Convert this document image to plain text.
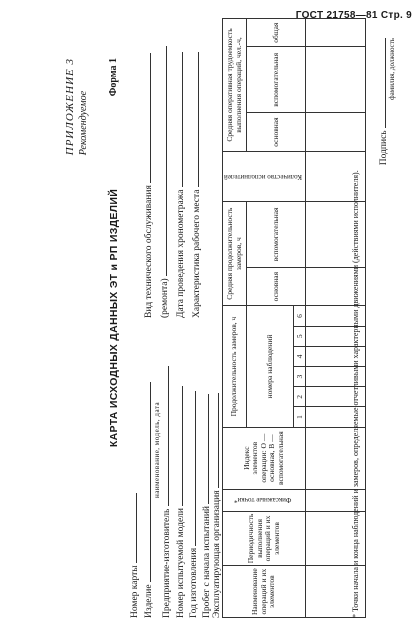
ГОСТ 21758—81 Стр. 9
ПРИЛОЖЕНИЕ 3 Рекомендуемое
Форма 1
КАРТА ИСХОДНЫХ ДАННЫХ ЭТ и РП ИЗДЕЛИЙ
Номер карты Изделие
наименование, модель, дата
Предприятие-изготовитель Номер испытуемой модели Год изготовления Пробег с начала испытаний Эксплуатирующая организация
Вид технического обслуживания (ремонта) Дата проведения хронометража Характеристика рабочего места
Наименование операций и их элементов	Периодичность выполнения операций и их элементов	Фиксажные точки*	Индекс элементов операции: О — основная, В — вспомогательная	Продолжительность замеров, ч						Средняя продолжительность замеров, ч		Количество исполнителей	Средняя оперативная трудоемкость выполнения операций, чел.-ч,		
				номера наблюдений						основная	вспомогательная		основная	вспомогательная	общая
				1	2	3	4	5	6						
																* Точки начала и конца наблюдений и замеров, определяемые отчетливыми характерными движениями (действиями исполнителя).
Подпись
фамилия, должность
